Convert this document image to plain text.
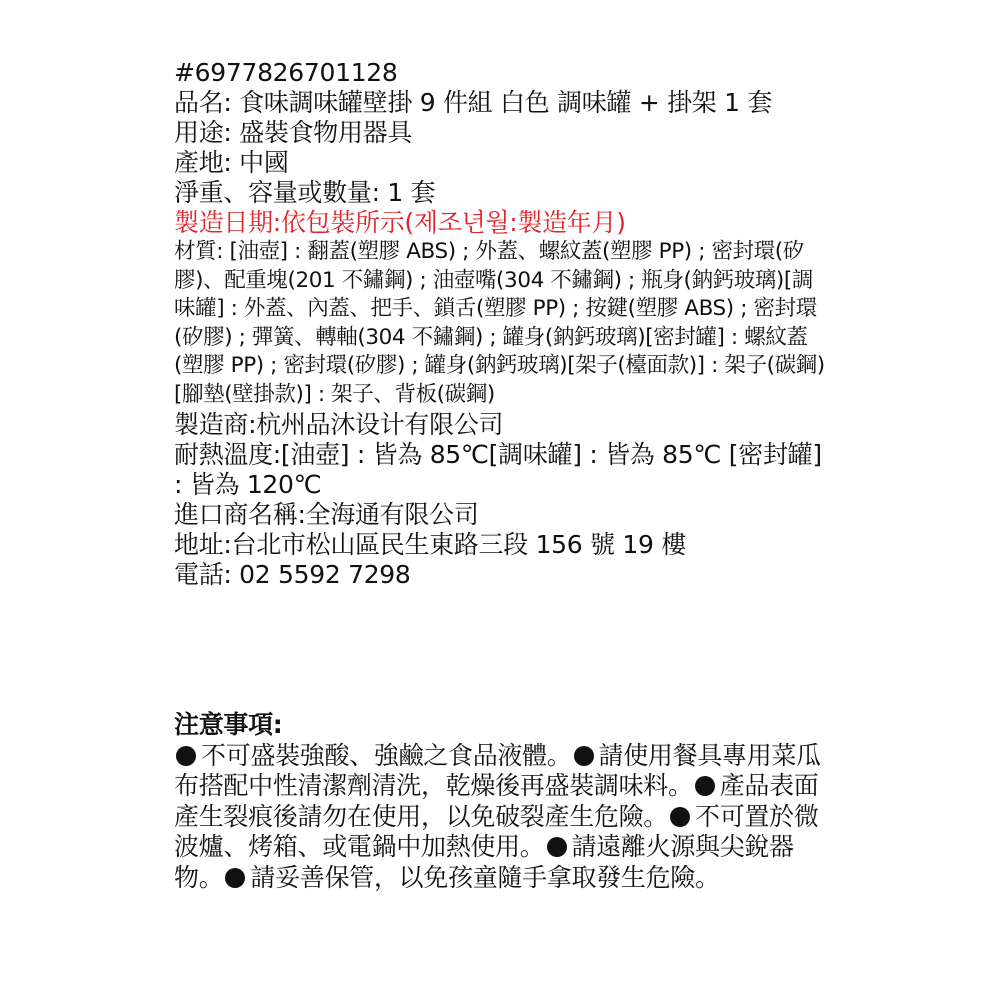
#6977826701128
品名: 食味調味罐壁掛 9 件組 白色 調味罐 + 掛架 1 套
用途: 盛裝食物用器具
產地: 中國
淨重、容量或數量: 1 套
製造日期:依包裝所示(제조년월:製造年月)
材質: [油壺] : 翻蓋(塑膠 ABS) ; 外蓋、螺紋蓋(塑膠 PP) ; 密封環(矽膠)、配重塊(201 不鏽鋼) ; 油壺嘴(304 不鏽鋼) ; 瓶身(鈉鈣玻璃)[調味罐] : 外蓋、內蓋、把手、鎖舌(塑膠 PP) ; 按鍵(塑膠 ABS) ; 密封環(矽膠) ; 彈簧、轉軸(304 不鏽鋼) ; 罐身(鈉鈣玻璃)[密封罐] : 螺紋蓋(塑膠 PP) ; 密封環(矽膠) ; 罐身(鈉鈣玻璃)[架子(檯面款)] : 架子(碳鋼)[腳墊(壁掛款)] : 架子、背板(碳鋼)
製造商:杭州品沐设计有限公司
耐熱溫度:[油壺] : 皆為 85℃[調味罐] : 皆為 85℃ [密封罐] : 皆為 120℃
進口商名稱:全海通有限公司
地址:台北市松山區民生東路三段 156 號 19 樓
電話: 02 5592 7298
注意事項:
不可盛裝強酸、強鹼之食品液體。 請使用餐具專用菜瓜布搭配中性清潔劑清洗，乾燥後再盛裝調味料。 產品表面產生裂痕後請勿在使用，以免破裂產生危險。 不可置於微波爐、烤箱、或電鍋中加熱使用。 請遠離火源與尖銳器物。 請妥善保管，以免孩童隨手拿取發生危險。
